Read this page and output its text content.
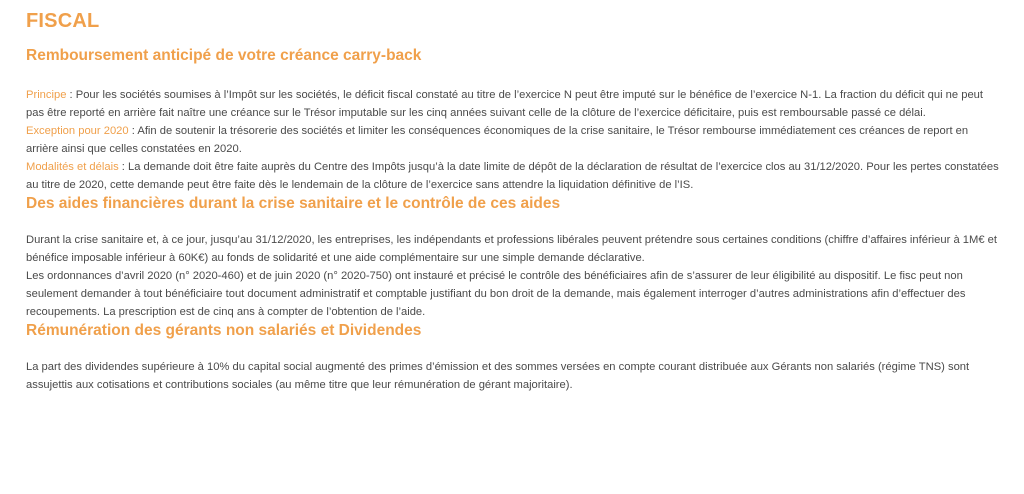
FISCAL
Remboursement anticipé de votre créance carry-back

Principe : Pour les sociétés soumises à l’Impôt sur les sociétés, le déficit fiscal constaté au titre de l’exercice N peut être imputé sur le bénéfice de l’exercice N-1. La fraction du déficit qui ne peut pas être reporté en arrière fait naître une créance sur le Trésor imputable sur les cinq années suivant celle de la clôture de l’exercice déficitaire, puis est remboursable passé ce délai.

Exception pour 2020 : Afin de soutenir la trésorerie des sociétés et limiter les conséquences économiques de la crise sanitaire, le Trésor rembourse immédiatement ces créances de report en arrière ainsi que celles constatées en 2020.

Modalités et délais : La demande doit être faite auprès du Centre des Impôts jusqu’à la date limite de dépôt de la déclaration de résultat de l’exercice clos au 31/12/2020. Pour les pertes constatées au titre de 2020, cette demande peut être faite dès le lendemain de la clôture de l’exercice sans attendre la liquidation définitive de l’IS.

Des aides financières durant la crise sanitaire et le contrôle de ces aides

Durant la crise sanitaire et, à ce jour, jusqu’au 31/12/2020, les entreprises, les indépendants et professions libérales peuvent prétendre sous certaines conditions (chiffre d’affaires inférieur à 1M€ et bénéfice imposable inférieur à 60K€) au fonds de solidarité et une aide complémentaire sur une simple demande déclarative.

Les ordonnances d’avril 2020 (n° 2020-460) et de juin 2020 (n° 2020-750) ont instauré et précisé le contrôle des bénéficiaires afin de s’assurer de leur éligibilité au dispositif. Le fisc peut non seulement demander à tout bénéficiaire tout document administratif et comptable justifiant du bon droit de la demande, mais également interroger d’autres administrations afin d’effectuer des recoupements. La prescription est de cinq ans à compter de l’obtention de l’aide.

Rémunération des gérants non salariés et Dividendes

La part des dividendes supérieure à 10% du capital social augmenté des primes d’émission et des sommes versées en compte courant distribuée aux Gérants non salariés (régime TNS) sont assujettis aux cotisations et contributions sociales (au même titre que leur rémunération de gérant majoritaire).
